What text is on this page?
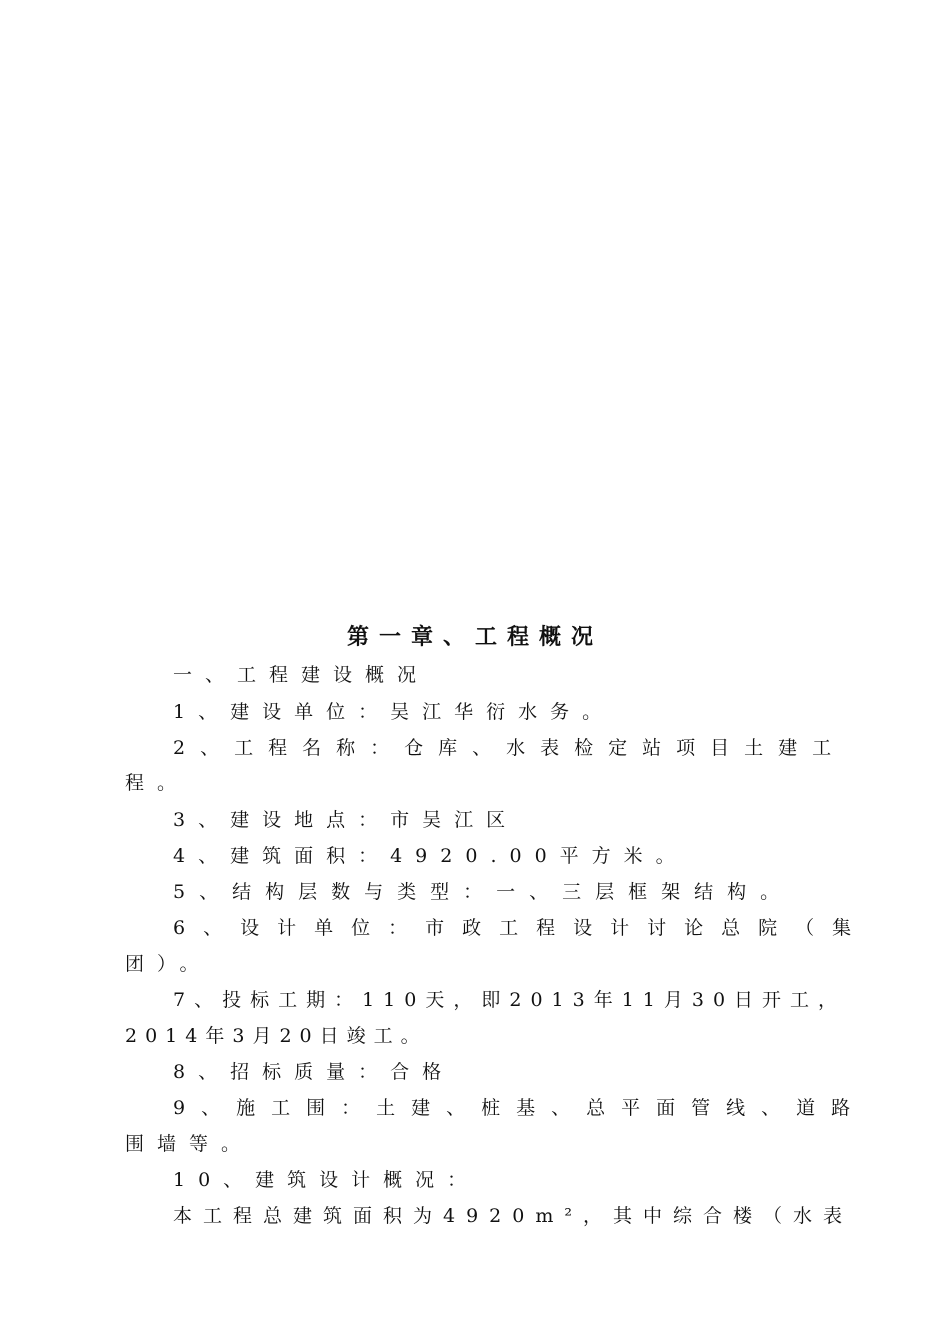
第一章、工程概况

一、工程建设概况

1、建设单位：吴江华衍水务。

2、工程名称：仓库、水表检定站项目土建工

程。

3、建设地点：市吴江区

4、建筑面积：4920.00平方米。

5、结构层数与类型：一、三层框架结构。

6、设计单位：市政工程设计讨论总院（集

团）。

7、投标工期：110天，即2013年11月30日开工，

2014年3月20日竣工。

8、招标质量：合格

9、施工围：土建、桩基、总平面管线、道路

围墙等。

10、建筑设计概况：

本工程总建筑面积为4920m²，其中综合楼（水表
